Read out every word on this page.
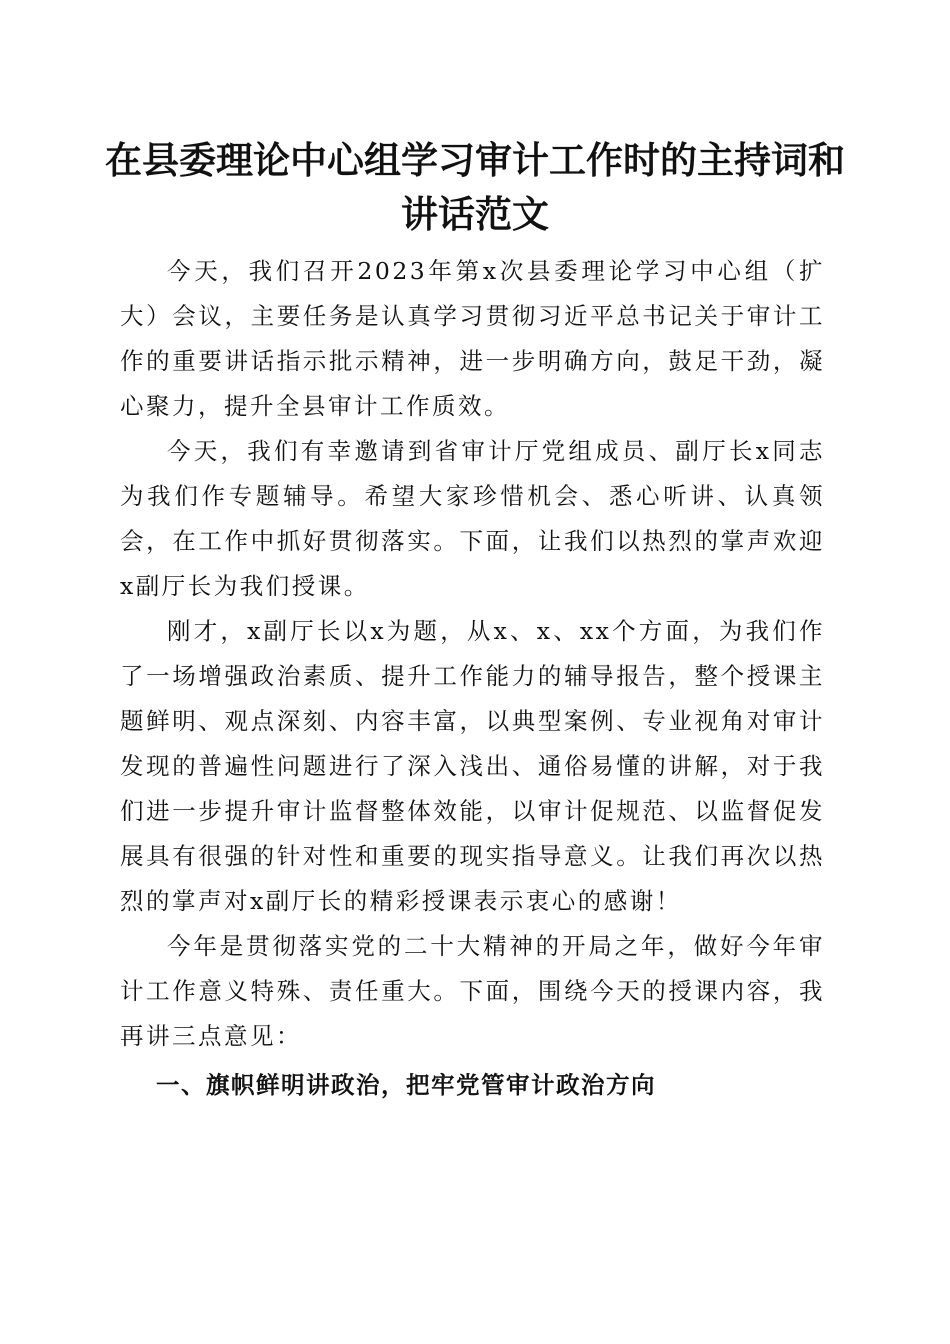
在县委理论中心组学习审计工作时的主持词和
讲话范文

今天，我们召开2023年第x次县委理论学习中心组（扩大）会议，主要任务是认真学习贯彻习近平总书记关于审计工作的重要讲话指示批示精神，进一步明确方向，鼓足干劲，凝心聚力，提升全县审计工作质效。

今天，我们有幸邀请到省审计厅党组成员、副厅长x同志为我们作专题辅导。希望大家珍惜机会、悉心听讲、认真领会，在工作中抓好贯彻落实。下面，让我们以热烈的掌声欢迎x副厅长为我们授课。

刚才，x副厅长以x为题，从x、x、xx个方面，为我们作了一场增强政治素质、提升工作能力的辅导报告，整个授课主题鲜明、观点深刻、内容丰富，以典型案例、专业视角对审计发现的普遍性问题进行了深入浅出、通俗易懂的讲解，对于我们进一步提升审计监督整体效能，以审计促规范、以监督促发展具有很强的针对性和重要的现实指导意义。让我们再次以热烈的掌声对x副厅长的精彩授课表示衷心的感谢！

今年是贯彻落实党的二十大精神的开局之年，做好今年审计工作意义特殊、责任重大。下面，围绕今天的授课内容，我再讲三点意见：

一、旗帜鲜明讲政治，把牢党管审计政治方向
